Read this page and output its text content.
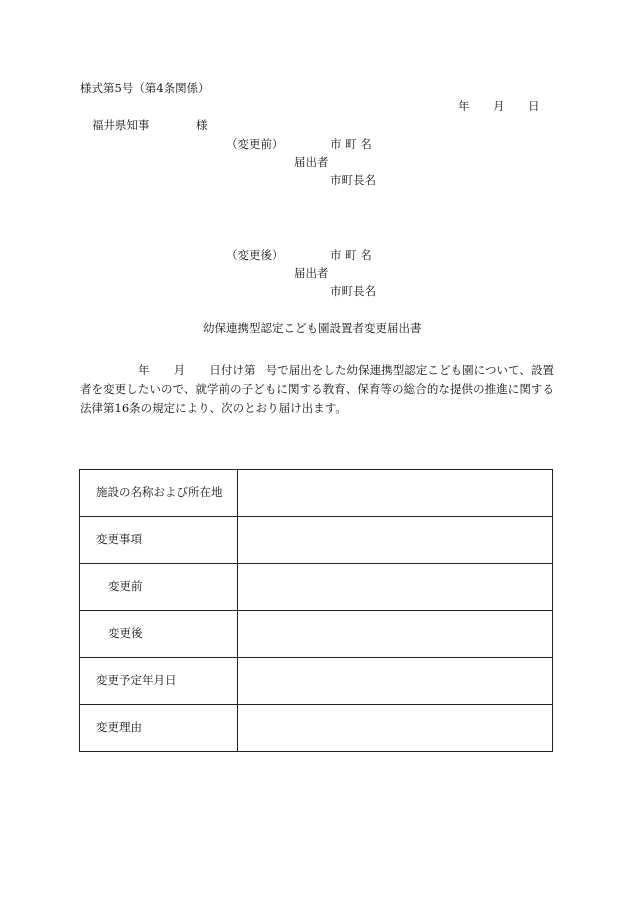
様式第5号（第4条関係）
年 月 日
福井県知事	様
（変更前）	市 町 名
届出者
市町長名
（変更後）	市 町 名
届出者
市町長名
幼保連携型認定こども園設置者変更届出書
年 月 日付け第 号で届出をした幼保連携型認定こども園について、設置者を変更したいので、就学前の子どもに関する教育、保育等の総合的な提供の推進に関する法律第16条の規定により、次のとおり届け出ます。
施設の名称および所在地	
変更事項	
変更前	
変更後	
変更予定年月日	
変更理由	
